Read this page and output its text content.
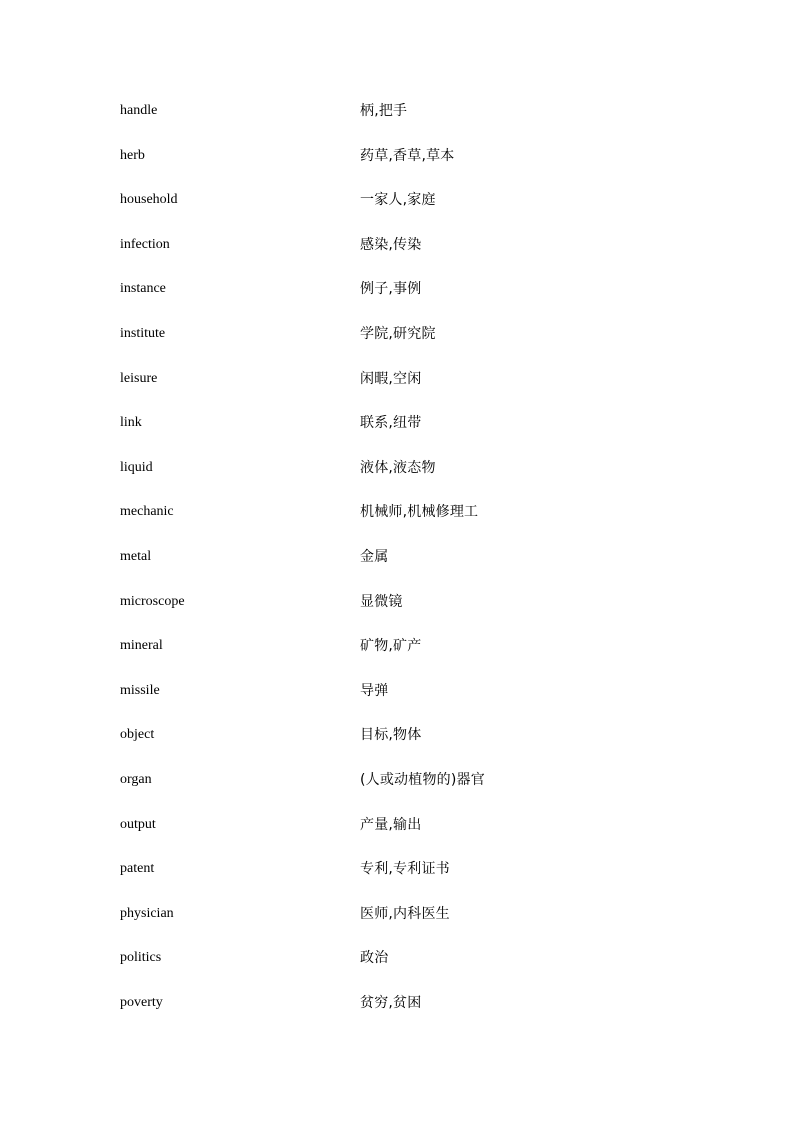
handle	柄,把手
herb	药草,香草,草本
household	一家人,家庭
infection	感染,传染
instance	例子,事例
institute	学院,研究院
leisure	闲暇,空闲
link	联系,纽带
liquid	液体,液态物
mechanic	机械师,机械修理工
metal	金属
microscope	显微镜
mineral	矿物,矿产
missile	导弹
object	目标,物体
organ	(人或动植物的)器官
output	产量,输出
patent	专利,专利证书
physician	医师,内科医生
politics	政治
poverty	贫穷,贫困
